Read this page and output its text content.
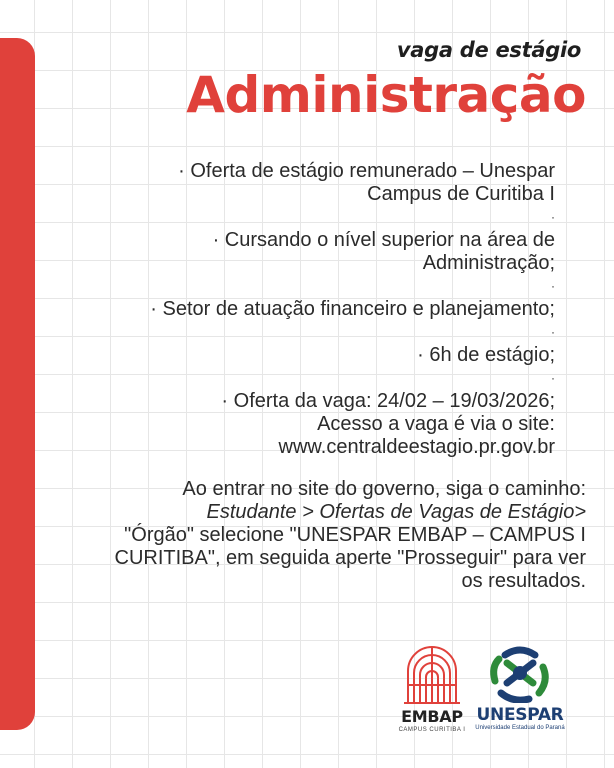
vaga de estágio
Administração

· Oferta de estágio remunerado – Unespar

Campus de Curitiba I

·

· Cursando o nível superior na área de

Administração;

·

· Setor de atuação financeiro e planejamento;

·

· 6h de estágio;

·

· Oferta da vaga: 24/02 – 19/03/2026;

Acesso a vaga é via o site:

www.centraldeestagio.pr.gov.br

Ao entrar no site do governo, siga o caminho:
Estudante > Ofertas de Vagas de Estágio>
"Órgão" selecione "UNESPAR EMBAP – CAMPUS I
CURITIBA", em seguida aperte "Prosseguir" para ver
os resultados.
EMBAP
CAMPUS CURITIBA I
UNESPAR
Universidade Estadual do Paraná
